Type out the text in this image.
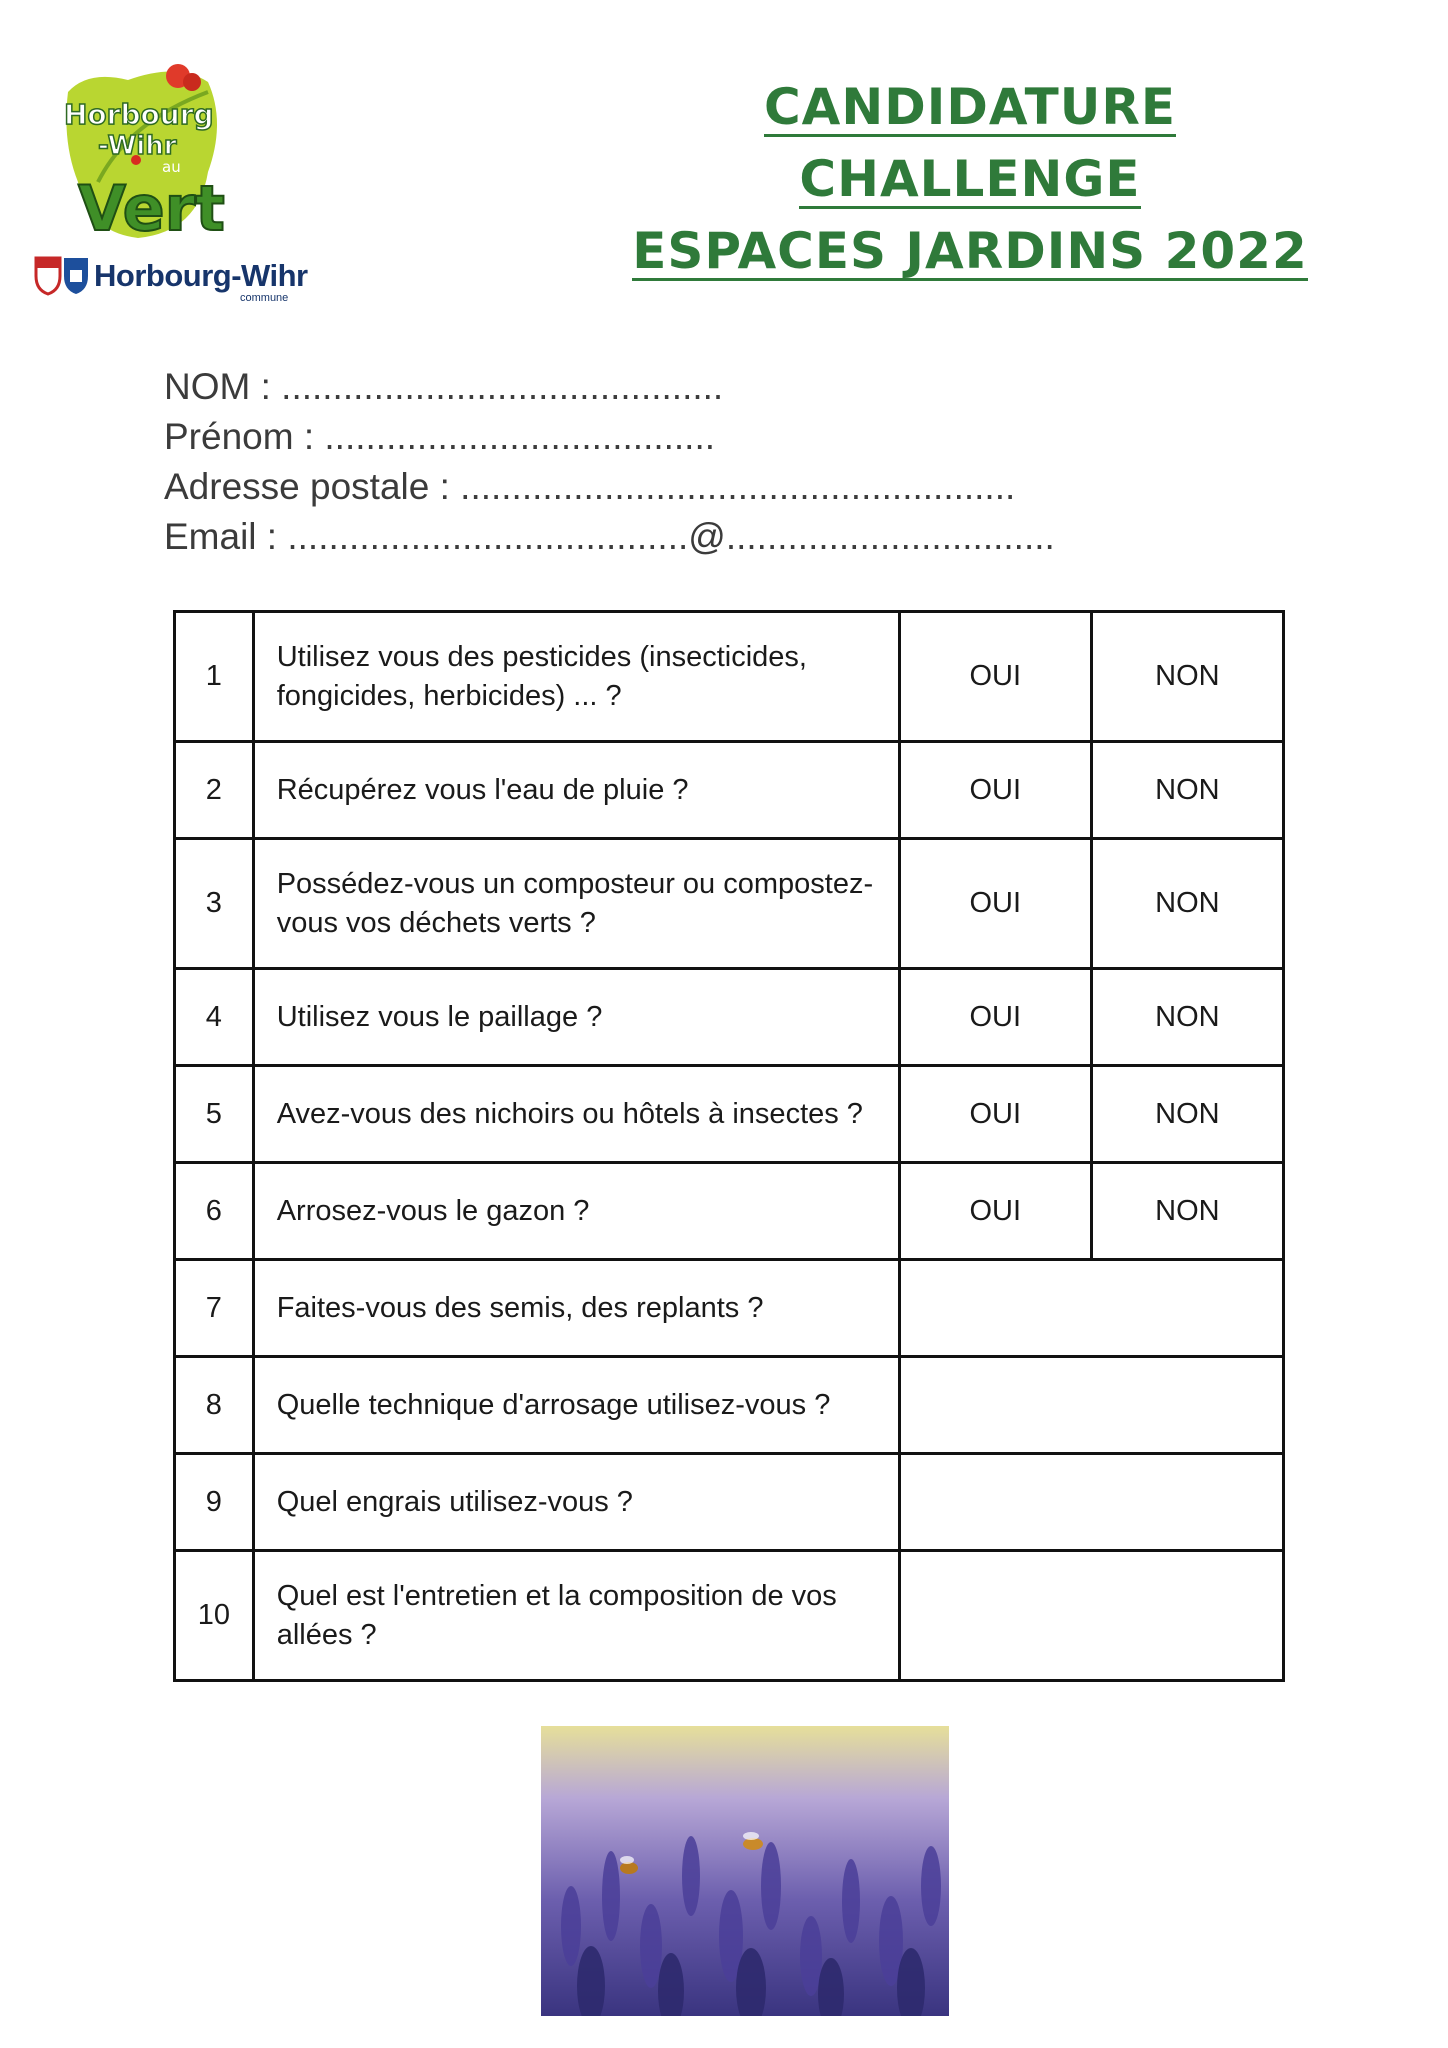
Horbourg
-Wihr
au
Vert
Horbourg-Wihr
commune
CANDIDATURE
CHALLENGE
ESPACES JARDINS 2022
NOM : ...........................................
Prénom : ......................................
Adresse postale : ......................................................
Email : .......................................@................................
1	Utilisez vous des pesticides (insecticides, fongicides, herbicides) ... ?	OUI	NON
2	Récupérez vous l'eau de pluie ?	OUI	NON
3	Possédez-vous un composteur ou compostez-vous vos déchets verts ?	OUI	NON
4	Utilisez vous le paillage ?	OUI	NON
5	Avez-vous des nichoirs ou hôtels à insectes ?	OUI	NON
6	Arrosez-vous le gazon ?	OUI	NON
7	Faites-vous des semis, des replants ?		
8	Quelle technique d'arrosage utilisez-vous ?		
9	Quel engrais utilisez-vous ?		
10	Quel est l'entretien et la composition de vos allées ?		
